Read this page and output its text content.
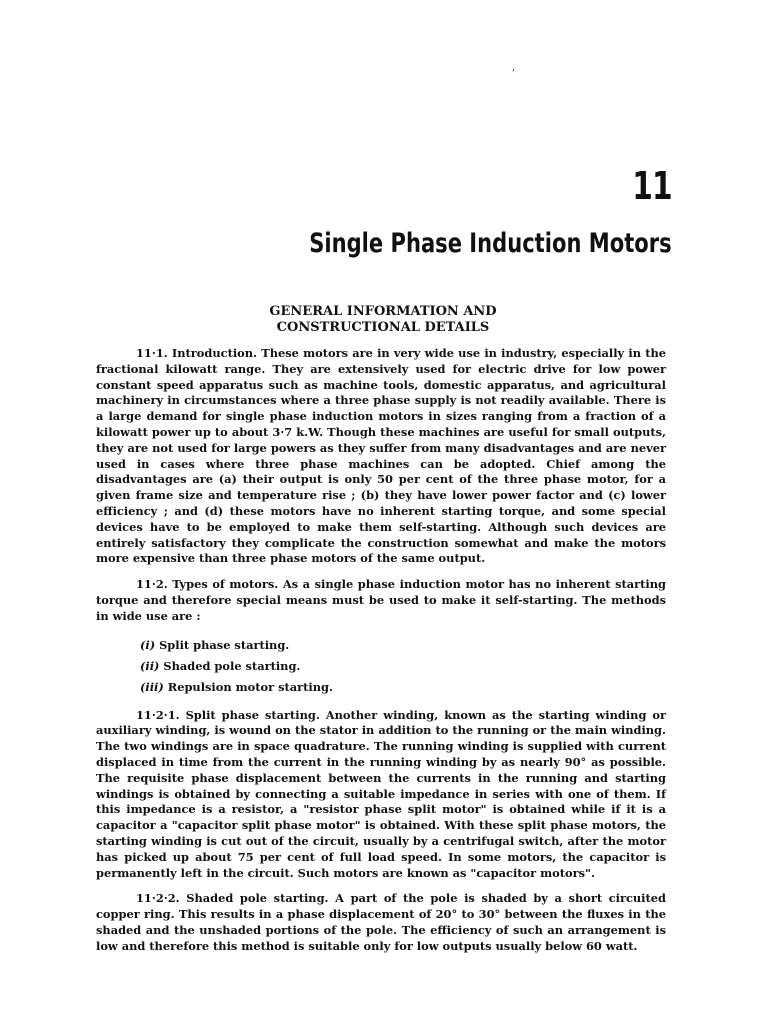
,
11
Single Phase Induction Motors
GENERAL INFORMATION AND
CONSTRUCTIONAL DETAILS

11·1. Introduction. These motors are in very wide use in industry, especially in the fractional kilowatt range. They are extensively used for electric drive for low power constant speed apparatus such as machine tools, domestic apparatus, and agricultural machinery in circumstances where a three phase supply is not readily available. There is a large demand for single phase induction motors in sizes ranging from a fraction of a kilowatt power up to about 3·7 k.W. Though these machines are useful for small outputs, they are not used for large powers as they suffer from many disadvantages and are never used in cases where three phase machines can be adopted. Chief among the disadvantages are (a) their output is only 50 per cent of the three phase motor, for a given frame size and temperature rise ; (b) they have lower power factor and (c) lower efficiency ; and (d) these motors have no inherent starting torque, and some special devices have to be employed to make them self-starting. Although such devices are entirely satisfactory they complicate the construction somewhat and make the motors more expensive than three phase motors of the same output.

11·2. Types of motors. As a single phase induction motor has no inherent starting torque and therefore special means must be used to make it self-starting. The methods in wide use are :

(i) Split phase starting.
(ii) Shaded pole starting.
(iii) Repulsion motor starting.

11·2·1. Split phase starting. Another winding, known as the starting winding or auxiliary winding, is wound on the stator in addition to the running or the main winding. The two windings are in space quadrature. The running winding is supplied with current displaced in time from the current in the running winding by as nearly 90° as possible. The requisite phase displacement between the currents in the running and starting windings is obtained by connecting a suitable impedance in series with one of them. If this impedance is a resistor, a "resistor phase split motor" is obtained while if it is a capacitor a "capacitor split phase motor" is obtained. With these split phase motors, the starting winding is cut out of the circuit, usually by a centrifugal switch, after the motor has picked up about 75 per cent of full load speed. In some motors, the capacitor is permanently left in the circuit. Such motors are known as "capacitor motors".

11·2·2. Shaded pole starting. A part of the pole is shaded by a short circuited copper ring. This results in a phase displacement of 20° to 30° between the fluxes in the shaded and the unshaded portions of the pole. The efficiency of such an arrangement is low and therefore this method is suitable only for low outputs usually below 60 watt.
